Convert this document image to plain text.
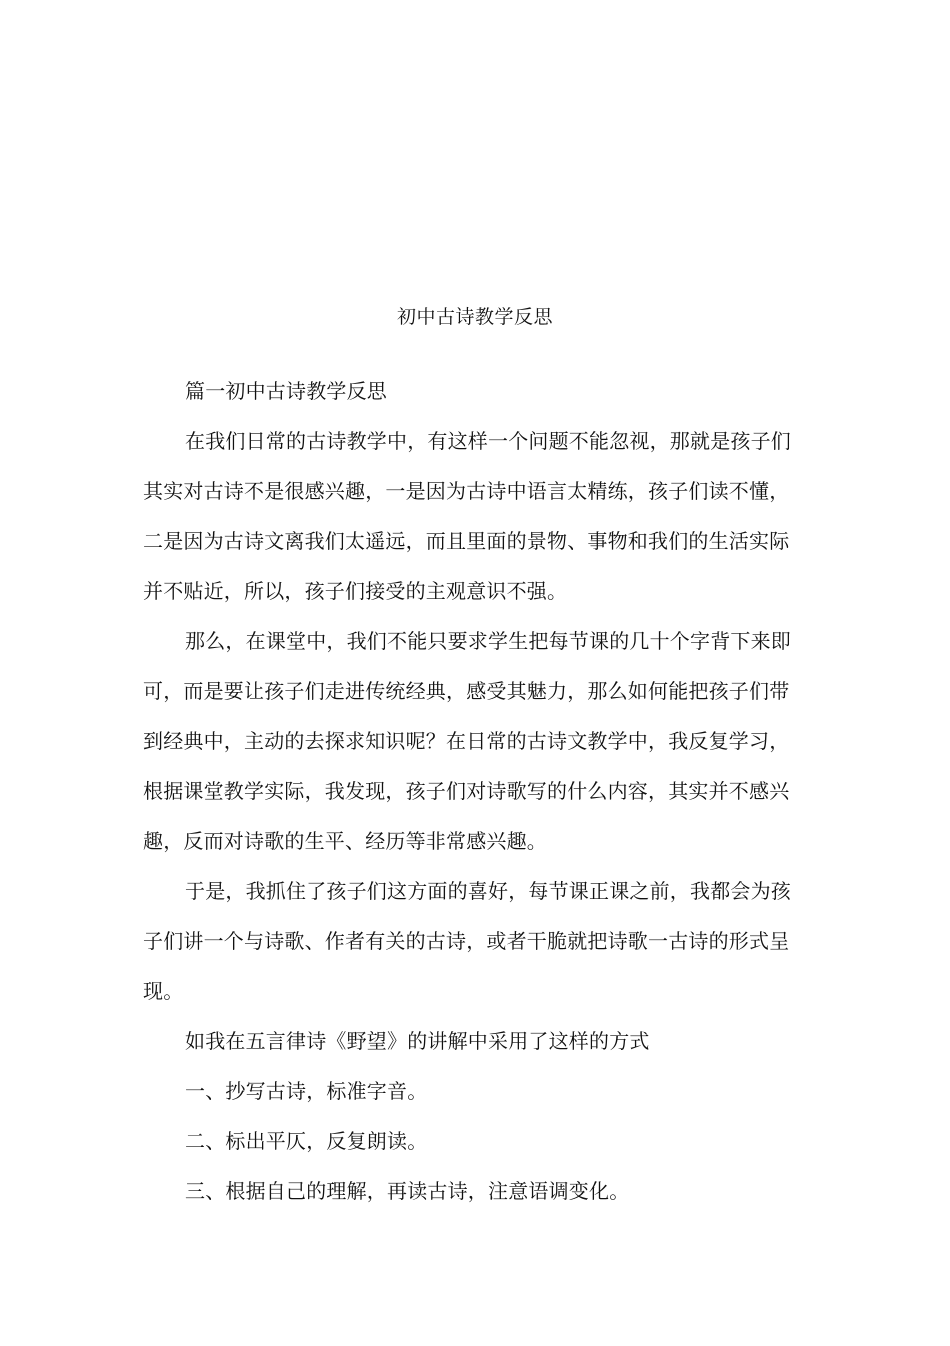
初中古诗教学反思

篇一初中古诗教学反思

在我们日常的古诗教学中，有这样一个问题不能忽视，那就是孩子们
其实对古诗不是很感兴趣，一是因为古诗中语言太精练，孩子们读不懂，
二是因为古诗文离我们太遥远，而且里面的景物、事物和我们的生活实际
并不贴近，所以，孩子们接受的主观意识不强。

那么，在课堂中，我们不能只要求学生把每节课的几十个字背下来即
可，而是要让孩子们走进传统经典，感受其魅力，那么如何能把孩子们带
到经典中，主动的去探求知识呢？在日常的古诗文教学中，我反复学习，
根据课堂教学实际，我发现，孩子们对诗歌写的什么内容，其实并不感兴
趣，反而对诗歌的生平、经历等非常感兴趣。

于是，我抓住了孩子们这方面的喜好，每节课正课之前，我都会为孩
子们讲一个与诗歌、作者有关的古诗，或者干脆就把诗歌一古诗的形式呈
现。

如我在五言律诗《野望》的讲解中采用了这样的方式

一、抄写古诗，标准字音。

二、标出平仄，反复朗读。

三、根据自己的理解，再读古诗，注意语调变化。
